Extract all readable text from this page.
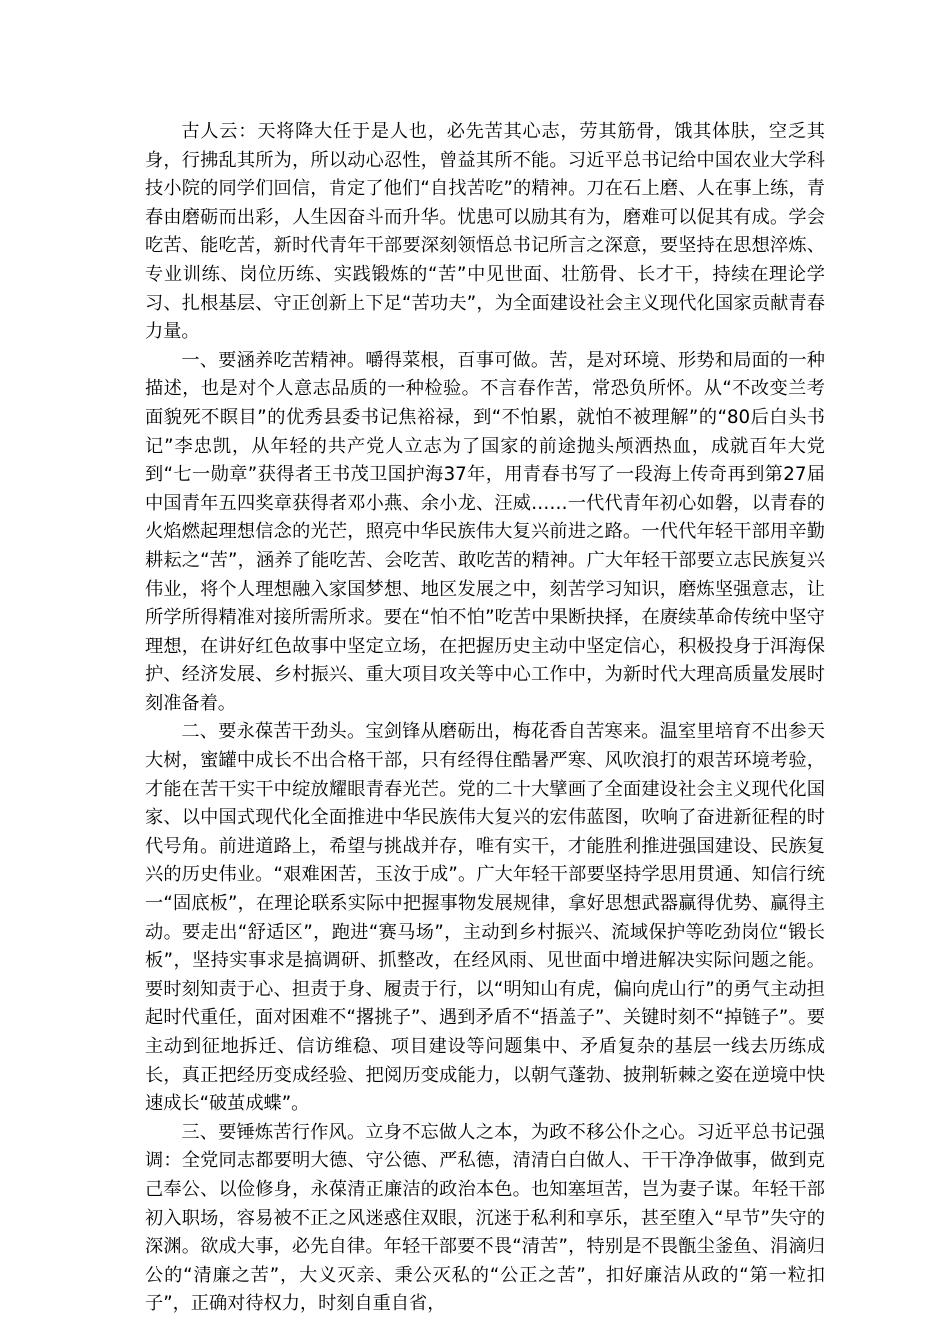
古人云：天将降大任于是人也，必先苦其心志，劳其筋骨，饿其体肤，空乏其身，行拂乱其所为，所以动心忍性，曾益其所不能。习近平总书记给中国农业大学科技小院的同学们回信，肯定了他们“自找苦吃”的精神。刀在石上磨、人在事上练，青春由磨砺而出彩，人生因奋斗而升华。忧患可以励其有为，磨难可以促其有成。学会吃苦、能吃苦，新时代青年干部要深刻领悟总书记所言之深意，要坚持在思想淬炼、专业训练、岗位历练、实践锻炼的“苦”中见世面、壮筋骨、长才干，持续在理论学习、扎根基层、守正创新上下足“苦功夫”，为全面建设社会主义现代化国家贡献青春力量。

一、要涵养吃苦精神。嚼得菜根，百事可做。苦，是对环境、形势和局面的一种描述，也是对个人意志品质的一种检验。不言春作苦，常恐负所怀。从“不改变兰考面貌死不瞑目”的优秀县委书记焦裕禄，到“不怕累，就怕不被理解”的“80后白头书记”李忠凯，从年轻的共产党人立志为了国家的前途抛头颅洒热血，成就百年大党到“七一勋章”获得者王书茂卫国护海37年，用青春书写了一段海上传奇再到第27届中国青年五四奖章获得者邓小燕、余小龙、汪威……一代代青年初心如磐，以青春的火焰燃起理想信念的光芒，照亮中华民族伟大复兴前进之路。一代代年轻干部用辛勤耕耘之“苦”，涵养了能吃苦、会吃苦、敢吃苦的精神。广大年轻干部要立志民族复兴伟业，将个人理想融入家国梦想、地区发展之中，刻苦学习知识，磨炼坚强意志，让所学所得精准对接所需所求。要在“怕不怕”吃苦中果断抉择，在赓续革命传统中坚守理想，在讲好红色故事中坚定立场，在把握历史主动中坚定信心，积极投身于洱海保护、经济发展、乡村振兴、重大项目攻关等中心工作中，为新时代大理高质量发展时刻准备着。

二、要永葆苦干劲头。宝剑锋从磨砺出，梅花香自苦寒来。温室里培育不出参天大树，蜜罐中成长不出合格干部，只有经得住酷暑严寒、风吹浪打的艰苦环境考验，才能在苦干实干中绽放耀眼青春光芒。党的二十大擘画了全面建设社会主义现代化国家、以中国式现代化全面推进中华民族伟大复兴的宏伟蓝图，吹响了奋进新征程的时代号角。前进道路上，希望与挑战并存，唯有实干，才能胜利推进强国建设、民族复兴的历史伟业。“艰难困苦，玉汝于成”。广大年轻干部要坚持学思用贯通、知信行统一“固底板”，在理论联系实际中把握事物发展规律，拿好思想武器赢得优势、赢得主动。要走出“舒适区”，跑进“赛马场”，主动到乡村振兴、流域保护等吃劲岗位“锻长板”，坚持实事求是搞调研、抓整改，在经风雨、见世面中增进解决实际问题之能。要时刻知责于心、担责于身、履责于行，以“明知山有虎，偏向虎山行”的勇气主动担起时代重任，面对困难不“撂挑子”、遇到矛盾不“捂盖子”、关键时刻不“掉链子”。要主动到征地拆迁、信访维稳、项目建设等问题集中、矛盾复杂的基层一线去历练成长，真正把经历变成经验、把阅历变成能力，以朝气蓬勃、披荆斩棘之姿在逆境中快速成长“破茧成蝶”。

三、要锤炼苦行作风。立身不忘做人之本，为政不移公仆之心。习近平总书记强调：全党同志都要明大德、守公德、严私德，清清白白做人、干干净净做事，做到克己奉公、以俭修身，永葆清正廉洁的政治本色。也知塞垣苦，岂为妻子谋。年轻干部初入职场，容易被不正之风迷惑住双眼，沉迷于私利和享乐，甚至堕入“早节”失守的深渊。欲成大事，必先自律。年轻干部要不畏“清苦”，特别是不畏甑尘釜鱼、涓滴归公的“清廉之苦”，大义灭亲、秉公灭私的“公正之苦”，扣好廉洁从政的“第一粒扣子”，正确对待权力，时刻自重自省，
